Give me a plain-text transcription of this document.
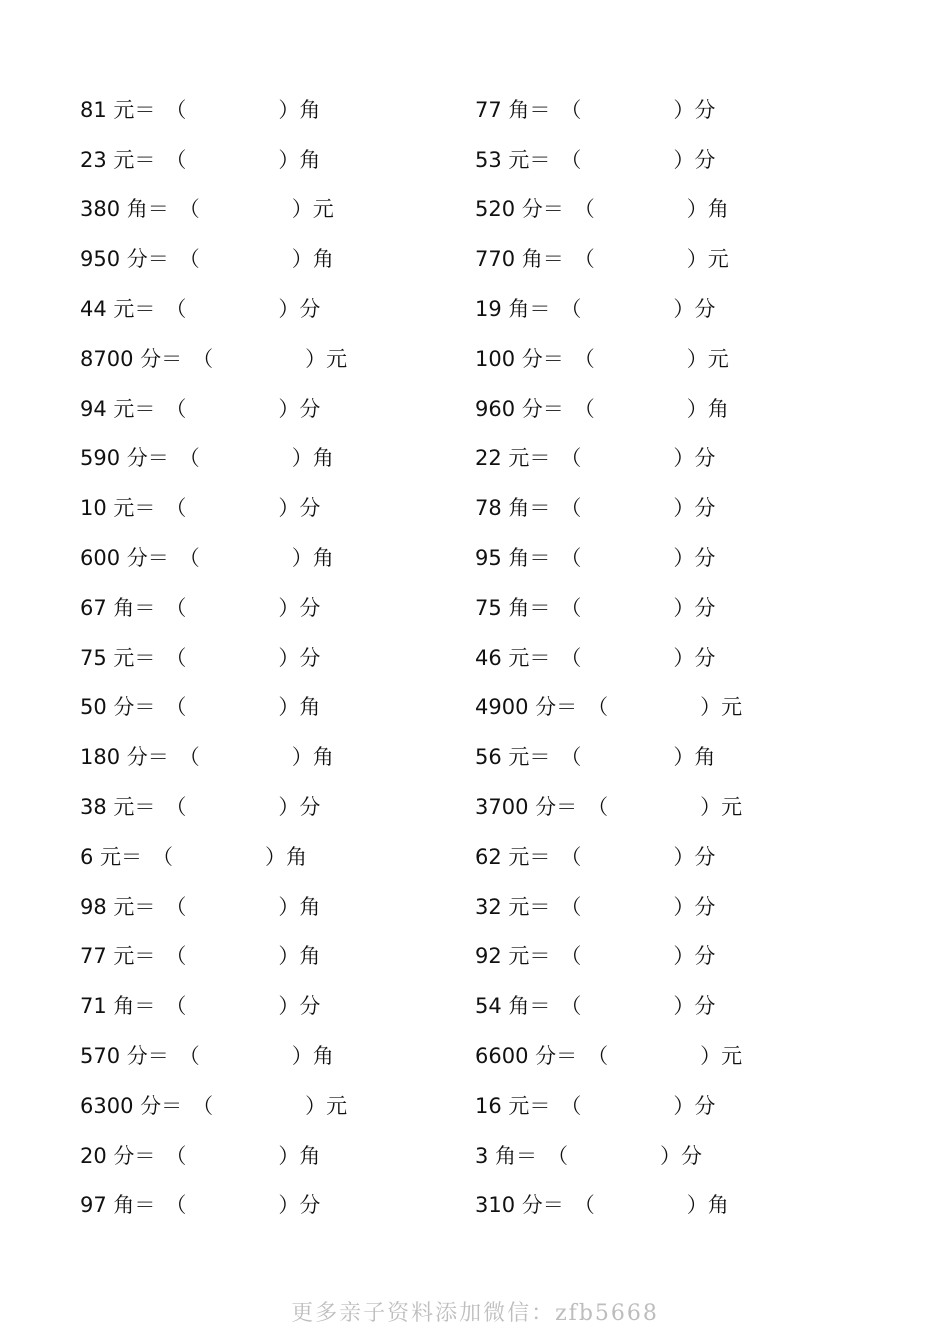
81 元＝ （	） 角
23 元＝ （	） 角
380 角＝ （	） 元
950 分＝ （	） 角
44 元＝ （	） 分
8700 分＝ （	） 元
94 元＝ （	） 分
590 分＝ （	） 角
10 元＝ （	） 分
600 分＝ （	） 角
67 角＝ （	） 分
75 元＝ （	） 分
50 分＝ （	） 角
180 分＝ （	） 角
38 元＝ （	） 分
6 元＝ （	） 角
98 元＝ （	） 角
77 元＝ （	） 角
71 角＝ （	） 分
570 分＝ （	） 角
6300 分＝ （	） 元
20 分＝ （	） 角
97 角＝ （	） 分
77 角＝ （	） 分
53 元＝ （	） 分
520 分＝ （	） 角
770 角＝ （	） 元
19 角＝ （	） 分
100 分＝ （	） 元
960 分＝ （	） 角
22 元＝ （	） 分
78 角＝ （	） 分
95 角＝ （	） 分
75 角＝ （	） 分
46 元＝ （	） 分
4900 分＝ （	） 元
56 元＝ （	） 角
3700 分＝ （	） 元
62 元＝ （	） 分
32 元＝ （	） 分
92 元＝ （	） 分
54 角＝ （	） 分
6600 分＝ （	） 元
16 元＝ （	） 分
3 角＝ （	） 分
310 分＝ （	） 角
更多亲子资料添加微信：zfb5668
